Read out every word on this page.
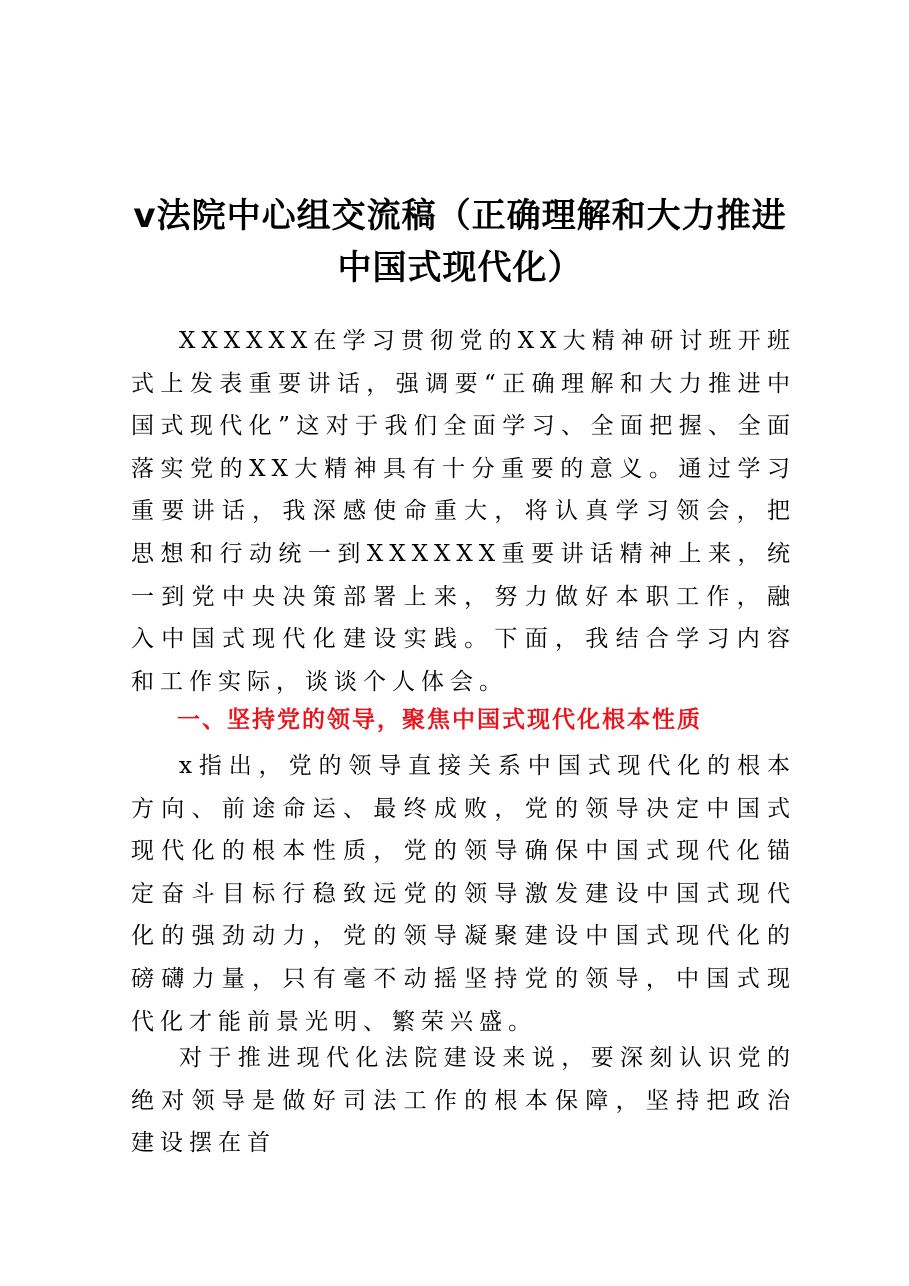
v法院中心组交流稿（正确理解和大力推进
中国式现代化）

XXXXXX在学习贯彻党的XX大精神研讨班开班式上发表重要讲话，强调要“正确理解和大力推进中国式现代化”这对于我们全面学习、全面把握、全面落实党的XX大精神具有十分重要的意义。通过学习重要讲话，我深感使命重大，将认真学习领会，把思想和行动统一到XXXXXX重要讲话精神上来，统一到党中央决策部署上来，努力做好本职工作，融入中国式现代化建设实践。下面，我结合学习内容和工作实际，谈谈个人体会。

一、坚持党的领导，聚焦中国式现代化根本性质

x指出，党的领导直接关系中国式现代化的根本方向、前途命运、最终成败，党的领导决定中国式现代化的根本性质，党的领导确保中国式现代化锚定奋斗目标行稳致远党的领导激发建设中国式现代化的强劲动力，党的领导凝聚建设中国式现代化的磅礴力量，只有毫不动摇坚持党的领导，中国式现代化才能前景光明、繁荣兴盛。

对于推进现代化法院建设来说，要深刻认识党的绝对领导是做好司法工作的根本保障，坚持把政治建设摆在首
